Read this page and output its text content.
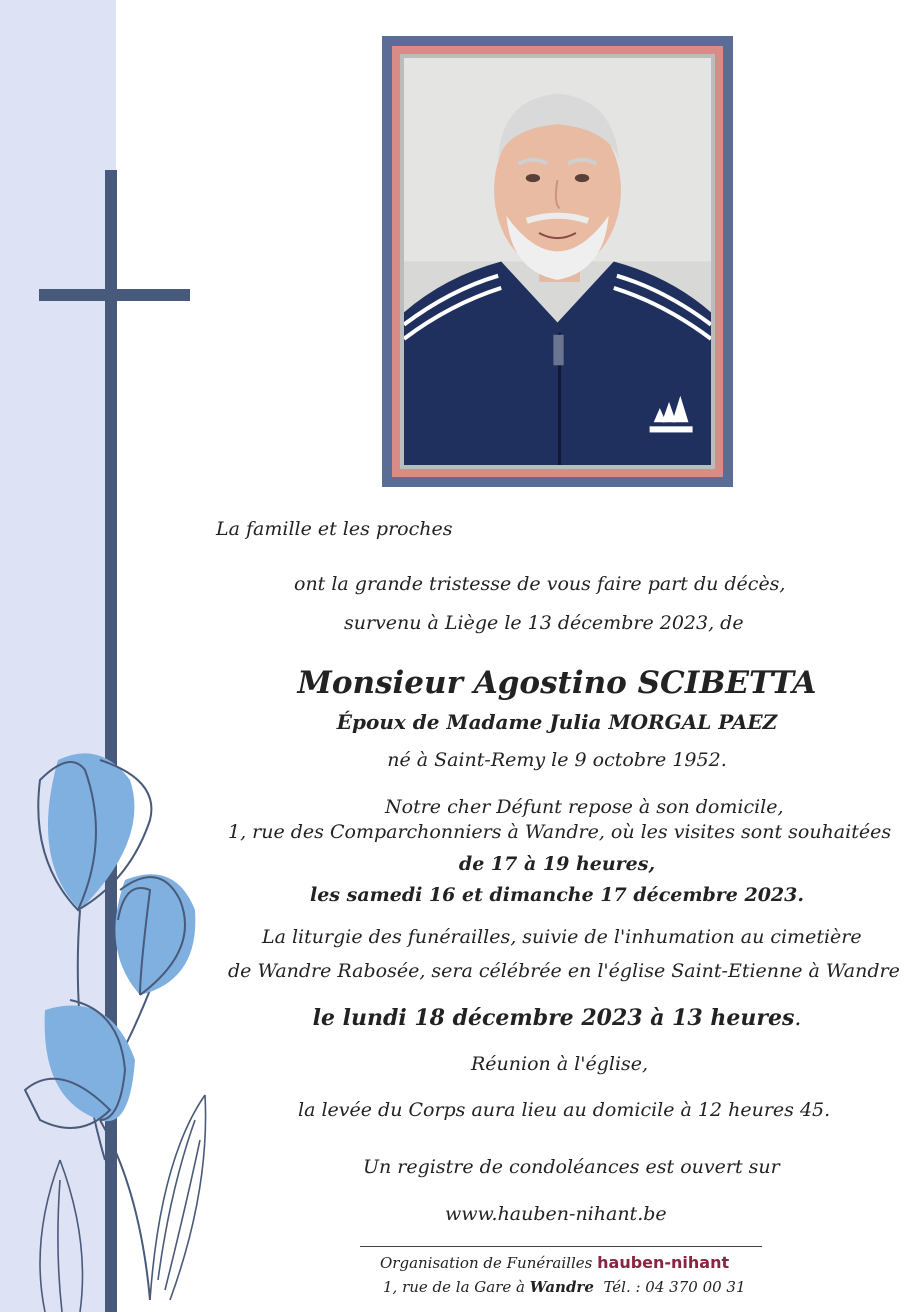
La famille et les proches
ont la grande tristesse de vous faire part du décès,
survenu à Liège le 13 décembre 2023, de
Monsieur Agostino SCIBETTA
Époux de Madame Julia MORGAL PAEZ
né à Saint-Remy le 9 octobre 1952.
Notre cher Défunt repose à son domicile,
1, rue des Comparchonniers à Wandre, où les visites sont souhaitées
de 17 à 19 heures,
les samedi 16 et dimanche 17 décembre 2023.
La liturgie des funérailles, suivie de l'inhumation au cimetière
de Wandre Rabosée, sera célébrée en l'église Saint-Etienne à Wandre
le lundi 18 décembre 2023 à 13 heures.
Réunion à l'église,
la levée du Corps aura lieu au domicile à 12 heures 45.
Un registre de condoléances est ouvert sur
www.hauben-nihant.be
Organisation de Funérailles hauben-nihant
1, rue de la Gare à Wandre Tél. : 04 370 00 31
